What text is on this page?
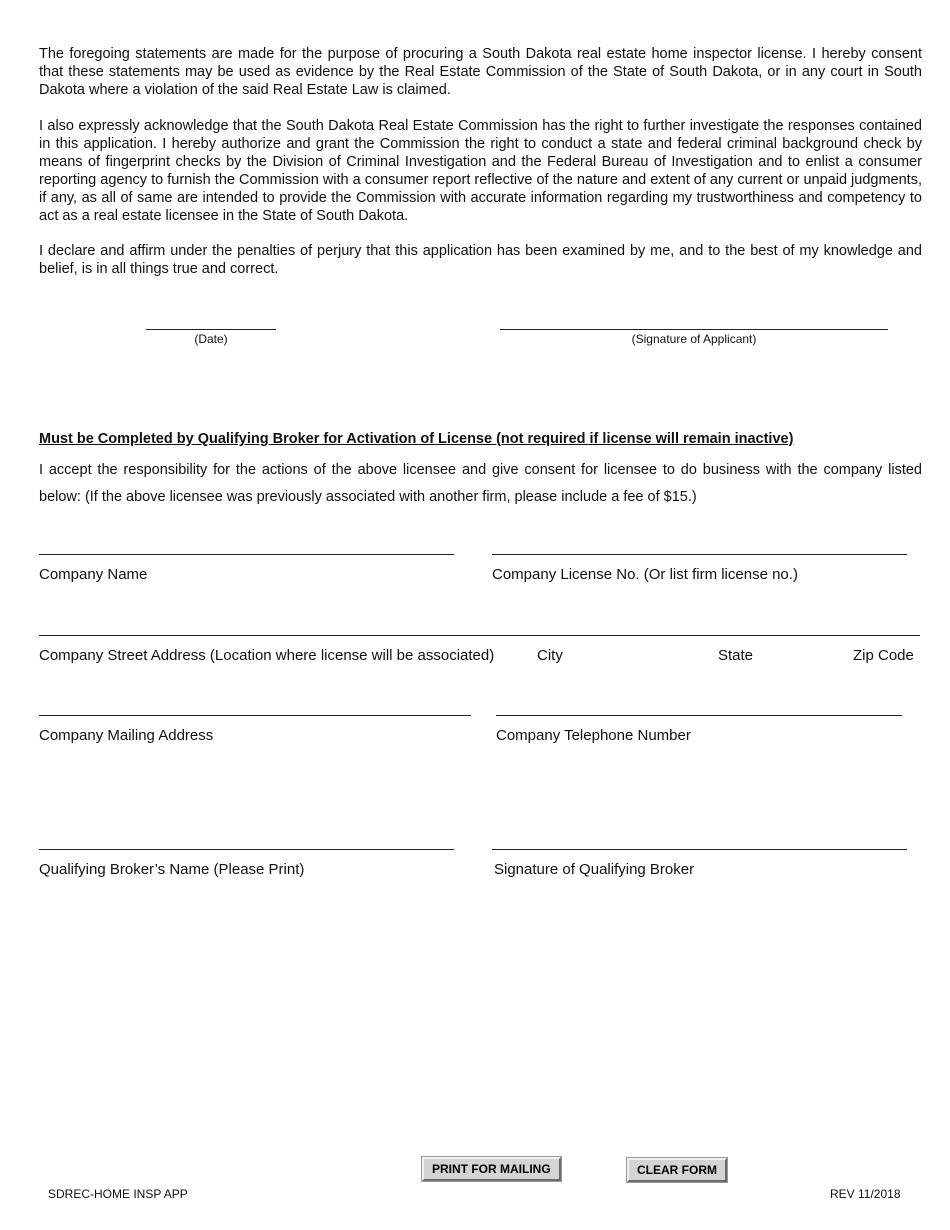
The foregoing statements are made for the purpose of procuring a South Dakota real estate home inspector license. I hereby consent that these statements may be used as evidence by the Real Estate Commission of the State of South Dakota, or in any court in South Dakota where a violation of the said Real Estate Law is claimed.

I also expressly acknowledge that the South Dakota Real Estate Commission has the right to further investigate the responses contained in this application. I hereby authorize and grant the Commission the right to conduct a state and federal criminal background check by means of fingerprint checks by the Division of Criminal Investigation and the Federal Bureau of Investigation and to enlist a consumer reporting agency to furnish the Commission with a consumer report reflective of the nature and extent of any current or unpaid judgments, if any, as all of same are intended to provide the Commission with accurate information regarding my trustworthiness and competency to act as a real estate licensee in the State of South Dakota.

I declare and affirm under the penalties of perjury that this application has been examined by me, and to the best of my knowledge and belief, is in all things true and correct.

(Date)	(Signature of Applicant)
Must be Completed by Qualifying Broker for Activation of License (not required if license will remain inactive)

I accept the responsibility for the actions of the above licensee and give consent for licensee to do business with the company listed below: (If the above licensee was previously associated with another firm, please include a fee of $15.)

Company Name	Company License No. (Or list firm license no.)
Company Street Address (Location where license will be associated)	City	State	Zip Code
Company Mailing Address	Company Telephone Number
Qualifying Broker’s Name (Please Print)	Signature of Qualifying Broker
PRINT FOR MAILING	CLEAR FORM
SDREC-HOME INSP APP	REV 11/2018
